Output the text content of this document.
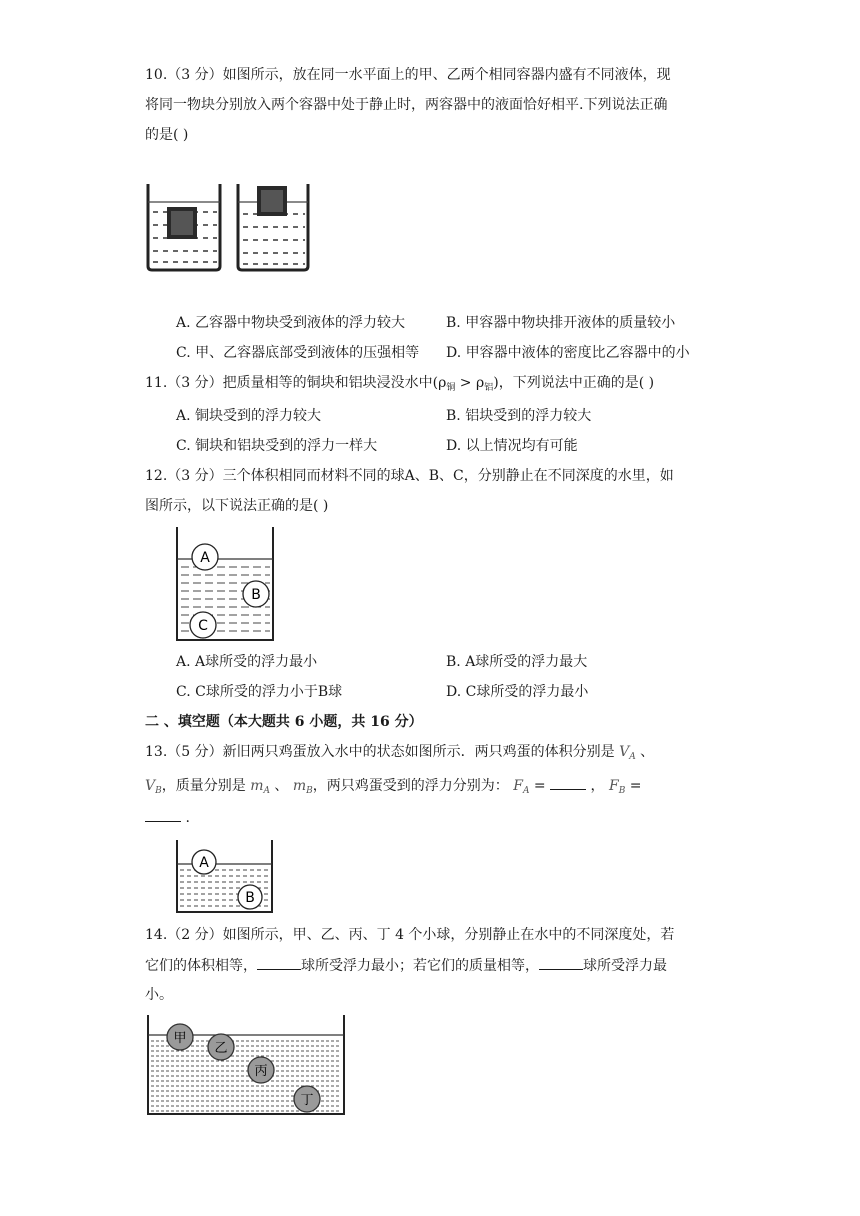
10.（3 分）如图所示，放在同一水平面上的甲、乙两个相同容器内盛有不同液体，现
将同一物块分别放入两个容器中处于静止时，两容器中的液面恰好相平.下列说法正确
的是( )
A. 乙容器中物块受到液体的浮力较大	B. 甲容器中物块排开液体的质量较小
C. 甲、乙容器底部受到液体的压强相等 D. 甲容器中液体的密度比乙容器中的小
11.（3 分）把质量相等的铜块和铝块浸没水中$(\rho_铜 > \rho_铝)$，下列说法中正确的是( )
A. 铜块受到的浮力较大	B. 铝块受到的浮力较大
C. 铜块和铝块受到的浮力一样大	D. 以上情况均有可能
12.（3 分）三个体积相同而材料不同的球A、B、C，分别静止在不同深度的水里，如
图所示，以下说法正确的是( )
A
B
C
A. A球所受的浮力最小	B. A球所受的浮力最大
C. C球所受的浮力小于B球	D. C球所受的浮力最小
二 、填空题（本大题共 6 小题，共 16 分）
13.（5 分）新旧两只鸡蛋放入水中的状态如图所示．两只鸡蛋的体积分别是 $V_A$ 、
$V_B$，质量分别是 $m_A$ 、 $m_B$，两只鸡蛋受到的浮力分别为： $F_A$ =	， $F_B$ =
.
A
B
14.（2 分）如图所示，甲、乙、丙、丁 4 个小球，分别静止在水中的不同深度处，若
它们的体积相等，	球所受浮力最小；若它们的质量相等，	球所受浮力最
小。
甲
乙
丙
丁
